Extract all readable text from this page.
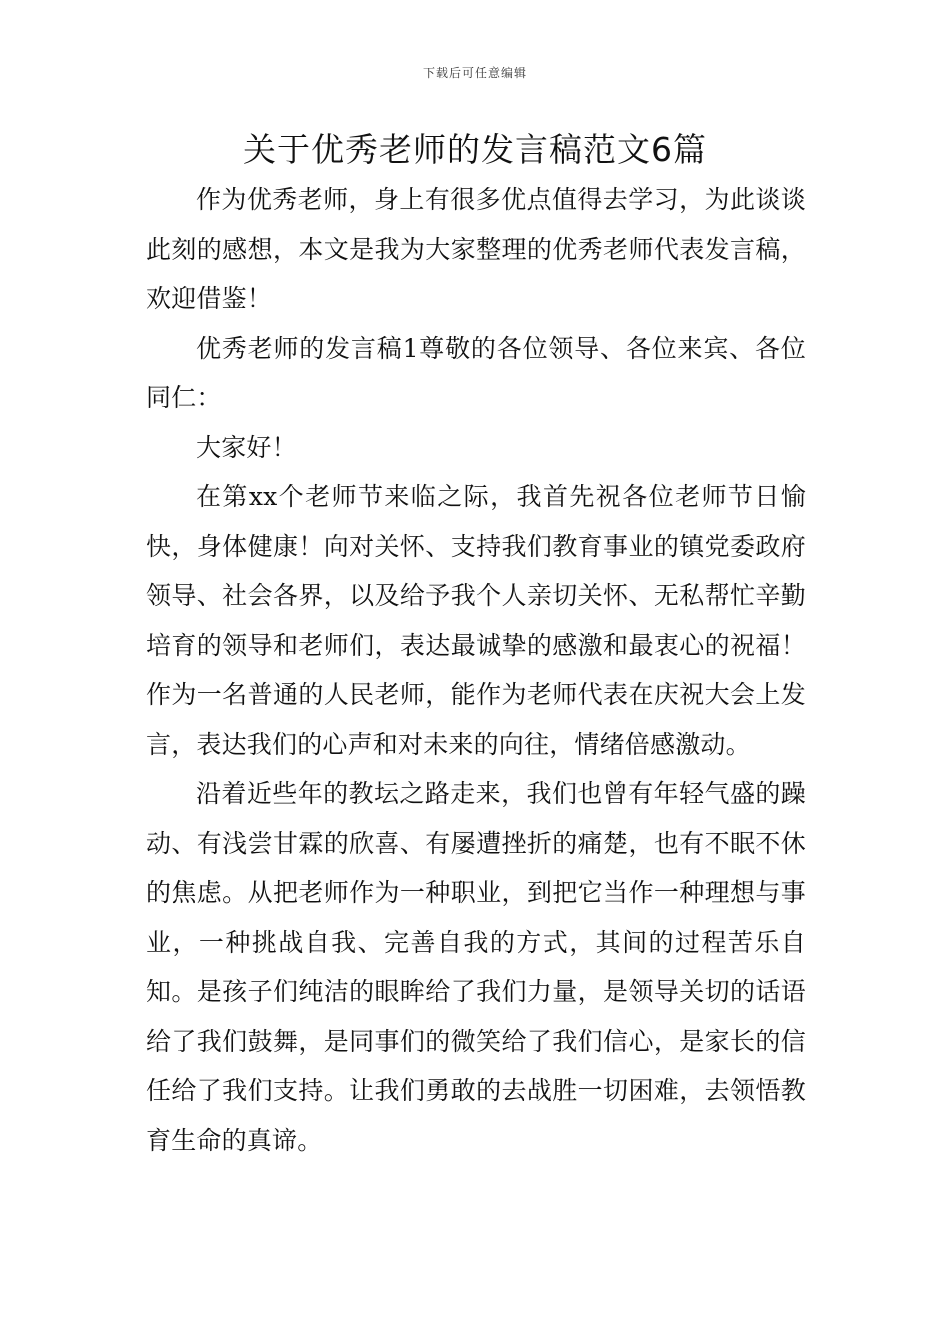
下载后可任意编辑
关于优秀老师的发言稿范文6篇

作为优秀老师，身上有很多优点值得去学习，为此谈谈此刻的感想，本文是我为大家整理的优秀老师代表发言稿，欢迎借鉴！

优秀老师的发言稿1尊敬的各位领导、各位来宾、各位同仁：

大家好！

在第xx个老师节来临之际，我首先祝各位老师节日愉快，身体健康！向对关怀、支持我们教育事业的镇党委政府领导、社会各界，以及给予我个人亲切关怀、无私帮忙辛勤培育的领导和老师们，表达最诚挚的感激和最衷心的祝福！作为一名普通的人民老师，能作为老师代表在庆祝大会上发言，表达我们的心声和对未来的向往，情绪倍感激动。

沿着近些年的教坛之路走来，我们也曾有年轻气盛的躁动、有浅尝甘霖的欣喜、有屡遭挫折的痛楚，也有不眠不休的焦虑。从把老师作为一种职业，到把它当作一种理想与事业，一种挑战自我、完善自我的方式，其间的过程苦乐自知。是孩子们纯洁的眼眸给了我们力量，是领导关切的话语给了我们鼓舞，是同事们的微笑给了我们信心，是家长的信任给了我们支持。让我们勇敢的去战胜一切困难，去领悟教育生命的真谛。
